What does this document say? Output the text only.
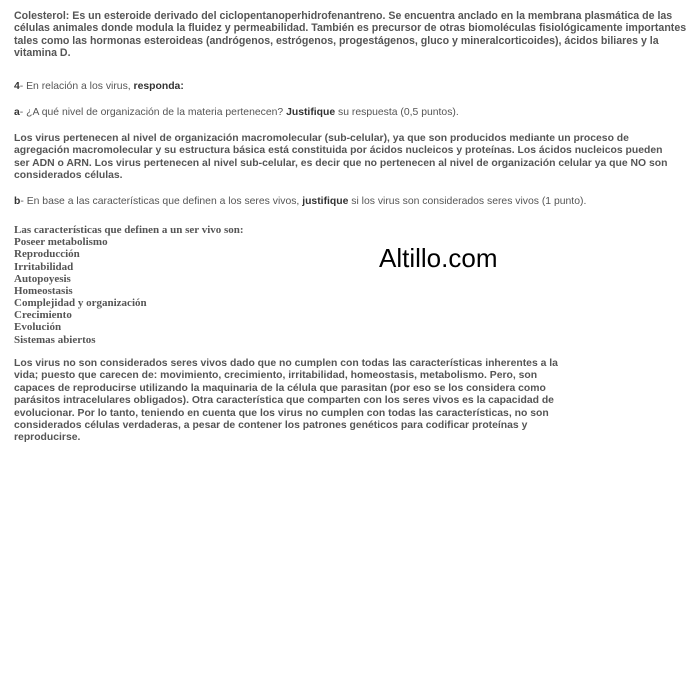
Colesterol: Es un esteroide derivado del ciclopentanoperhidrofenantreno. Se encuentra anclado en la membrana plasmática de las
células animales donde modula la fluidez y permeabilidad. También es precursor de otras biomoléculas fisiológicamente importantes
tales como las hormonas esteroideas (andrógenos, estrógenos, progestágenos, gluco y mineralcorticoides), ácidos biliares y la
vitamina D.

4- En relación a los virus, responda:

a- ¿A qué nivel de organización de la materia pertenecen? Justifique su respuesta (0,5 puntos).

Los virus pertenecen al nivel de organización macromolecular (sub-celular), ya que son producidos mediante un proceso de
agregación macromolecular y su estructura básica está constituida por ácidos nucleicos y proteínas. Los ácidos nucleicos pueden
ser ADN o ARN. Los virus pertenecen al nivel sub-celular, es decir que no pertenecen al nivel de organización celular ya que NO son
considerados células.

b- En base a las características que definen a los seres vivos, justifique si los virus son considerados seres vivos (1 punto).

Las características que definen a un ser vivo son:

Poseer metabolismo
Reproducción
Irritabilidad
Autopoyesis
Homeostasis
Complejidad y organización
Crecimiento
Evolución
Sistemas abiertos
Altillo.com

Los virus no son considerados seres vivos dado que no cumplen con todas las características inherentes a la
vida; puesto que carecen de: movimiento, crecimiento, irritabilidad, homeostasis, metabolismo. Pero, son
capaces de reproducirse utilizando la maquinaria de la célula que parasitan (por eso se los considera como
parásitos intracelulares obligados). Otra característica que comparten con los seres vivos es la capacidad de
evolucionar. Por lo tanto, teniendo en cuenta que los virus no cumplen con todas las características, no son
considerados células verdaderas, a pesar de contener los patrones genéticos para codificar proteínas y
reproducirse.
